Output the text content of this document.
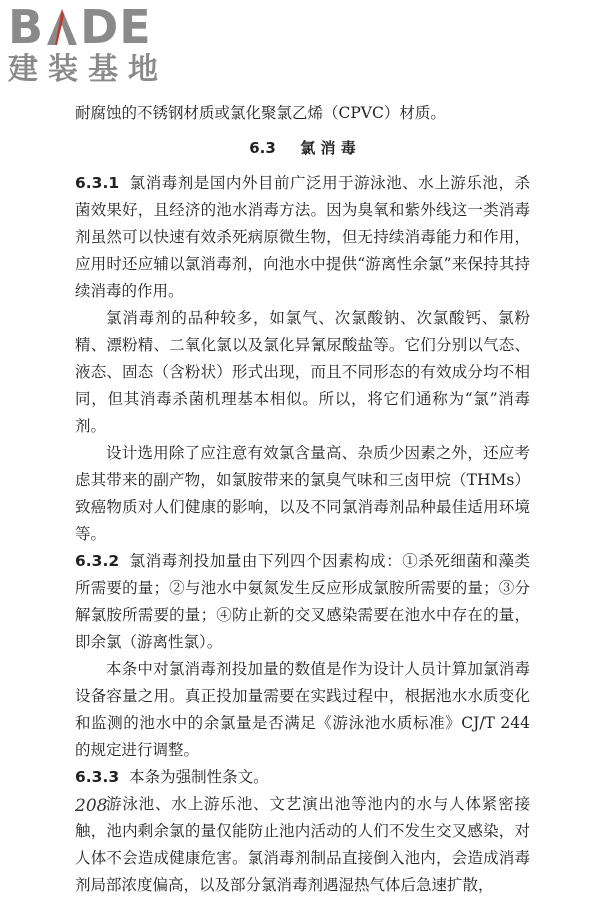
B DE
建装基地
耐腐蚀的不锈钢材质或氯化聚氯乙烯（CPVC）材质。
6.3 氯 消 毒

6.3.1 氯消毒剂是国内外目前广泛用于游泳池、水上游乐池，杀菌效果好，且经济的池水消毒方法。因为臭氧和紫外线这一类消毒剂虽然可以快速有效杀死病原微生物，但无持续消毒能力和作用，应用时还应辅以氯消毒剂，向池水中提供“游离性余氯”来保持其持续消毒的作用。

氯消毒剂的品种较多，如氯气、次氯酸钠、次氯酸钙、氯粉精、漂粉精、二氧化氯以及氯化异氰尿酸盐等。它们分别以气态、液态、固态（含粉状）形式出现，而且不同形态的有效成分均不相同，但其消毒杀菌机理基本相似。所以，将它们通称为“氯”消毒剂。

设计选用除了应注意有效氯含量高、杂质少因素之外，还应考虑其带来的副产物，如氯胺带来的氯臭气味和三卤甲烷（THMs）致癌物质对人们健康的影响，以及不同氯消毒剂品种最佳适用环境等。

6.3.2 氯消毒剂投加量由下列四个因素构成：①杀死细菌和藻类所需要的量；②与池水中氨氮发生反应形成氯胺所需要的量；③分解氯胺所需要的量；④防止新的交叉感染需要在池水中存在的量，即余氯（游离性氯）。

本条中对氯消毒剂投加量的数值是作为设计人员计算加氯消毒设备容量之用。真正投加量需要在实践过程中，根据池水水质变化和监测的池水中的余氯量是否满足《游泳池水质标准》CJ/T 244 的规定进行调整。

6.3.3 本条为强制性条文。

游泳池、水上游乐池、文艺演出池等池内的水与人体紧密接触，池内剩余氯的量仅能防止池内活动的人们不发生交叉感染，对人体不会造成健康危害。氯消毒剂制品直接倒入池内，会造成消毒剂局部浓度偏高，以及部分氯消毒剂遇湿热气体后急速扩散，

208
